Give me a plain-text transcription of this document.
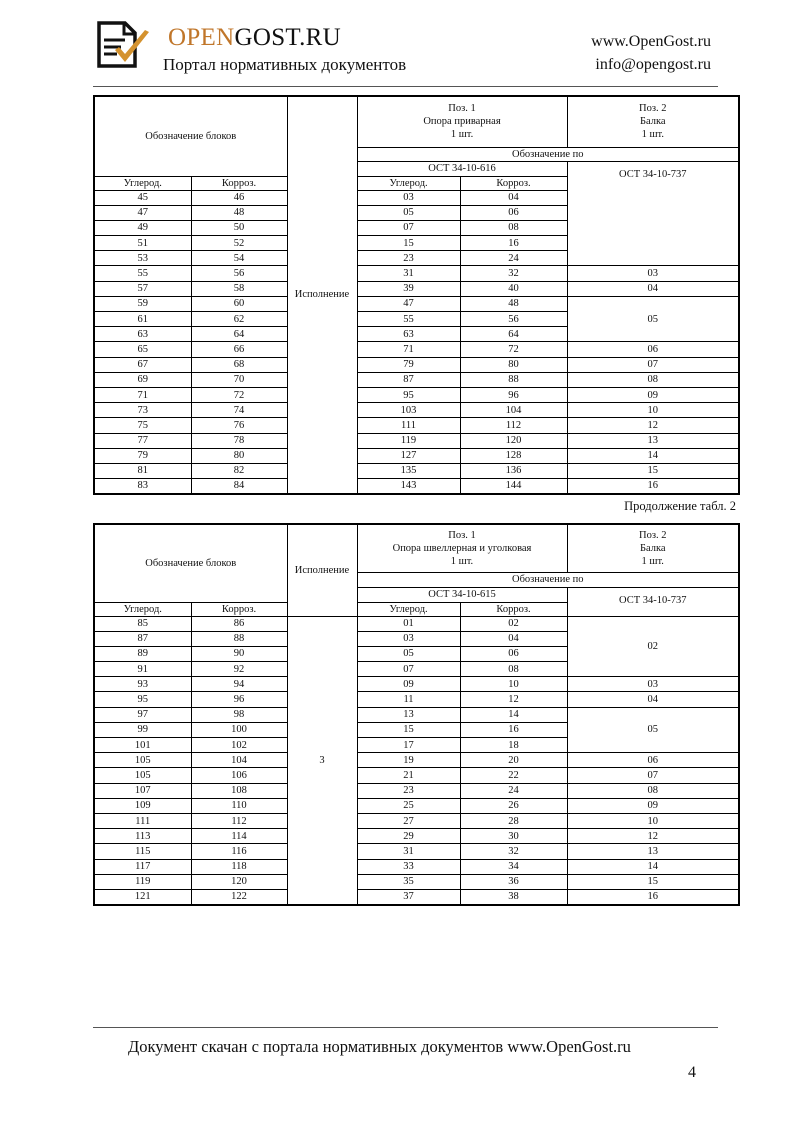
OPENGOST.RU
Портал нормативных документов
www.OpenGost.ru
info@opengost.ru
Обозначение блоков		Исполнение	Поз. 1
Опора приварная
1 шт.		Поз. 2
Балка
1 шт.
			Обозначение по		
			ОСТ 34-10-616		ОСТ 34-10-737
Углерод.	Корроз.		Углерод.	Корроз.	
45	46		03	04	
47	48		05	06	
49	50		07	08	
51	52		15	16	
53	54		23	24	
55	56		31	32	03
57	58		39	40	04
59	60		47	48	05
61	62		55	56	
63	64		63	64	
65	66		71	72	06
67	68		79	80	07
69	70		87	88	08
71	72		95	96	09
73	74		103	104	10
75	76		111	112	12
77	78		119	120	13
79	80		127	128	14
81	82		135	136	15
83	84		143	144	16
Продолжение табл. 2
Обозначение блоков		Исполнение	Поз. 1
Опора швеллерная и уголковая
1 шт.		Поз. 2
Балка
1 шт.
			Обозначение по		
			ОСТ 34-10-615		ОСТ 34-10-737
Углерод.	Корроз.		Углерод.	Корроз.	
85	86	3	01	02	02
87	88		03	04	
89	90		05	06	
91	92		07	08	
93	94		09	10	03
95	96		11	12	04
97	98		13	14	05
99	100		15	16	
101	102		17	18	
105	104		19	20	06
105	106		21	22	07
107	108		23	24	08
109	110		25	26	09
111	112		27	28	10
113	114		29	30	12
115	116		31	32	13
117	118		33	34	14
119	120		35	36	15
121	122		37	38	16
Документ скачан с портала нормативных документов www.OpenGost.ru
4
